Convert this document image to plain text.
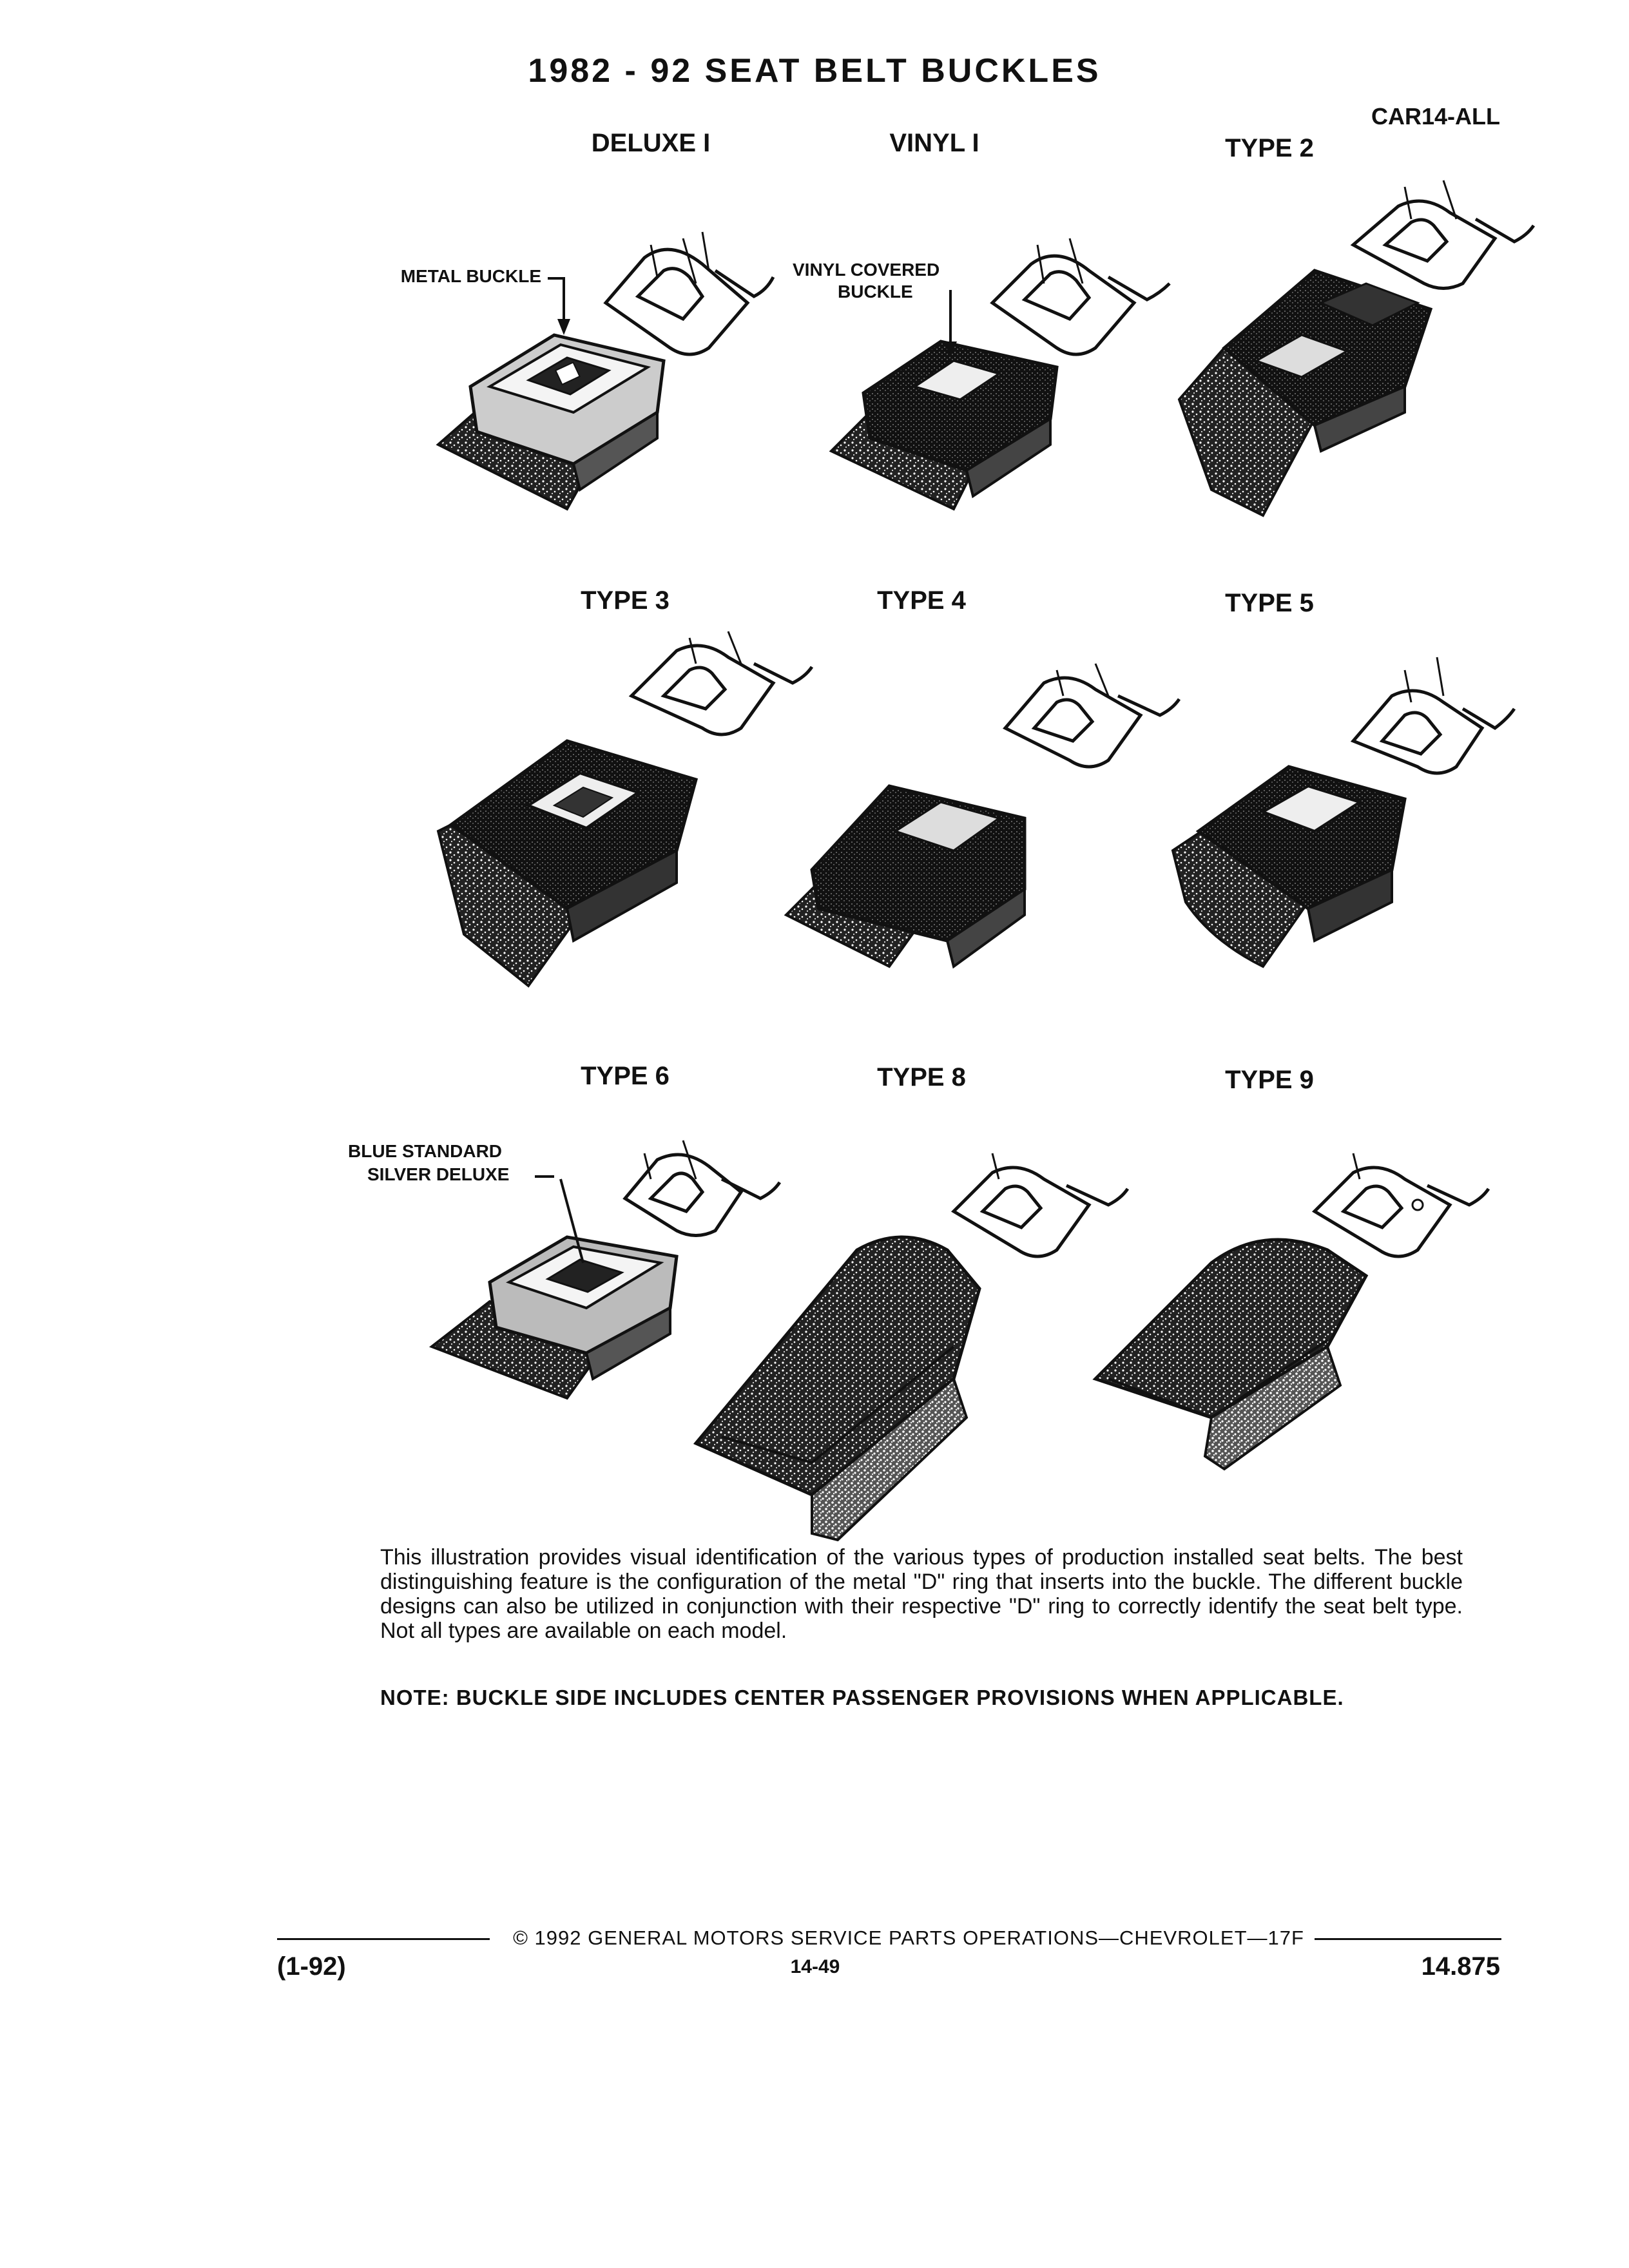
1982 - 92 SEAT BELT BUCKLES
CAR14-ALL
DELUXE I	VINYL I	TYPE 2
METAL BUCKLE	VINYL COVERED
BUCKLE
TYPE 3	TYPE 4	TYPE 5
TYPE 6	TYPE 8	TYPE 9
BLUE STANDARD
SILVER DELUXE
This illustration provides visual identification of the various types of production installed seat belts. The best distinguishing feature is the configuration of the metal "D" ring that inserts into the buckle. The different buckle designs can also be utilized in conjunction with their respective "D" ring to correctly identify the seat belt type. Not all types are available on each model.
NOTE: BUCKLE SIDE INCLUDES CENTER PASSENGER PROVISIONS WHEN APPLICABLE.
© 1992 GENERAL MOTORS SERVICE PARTS OPERATIONS—CHEVROLET—17F
(1-92)	14-49	14.875
